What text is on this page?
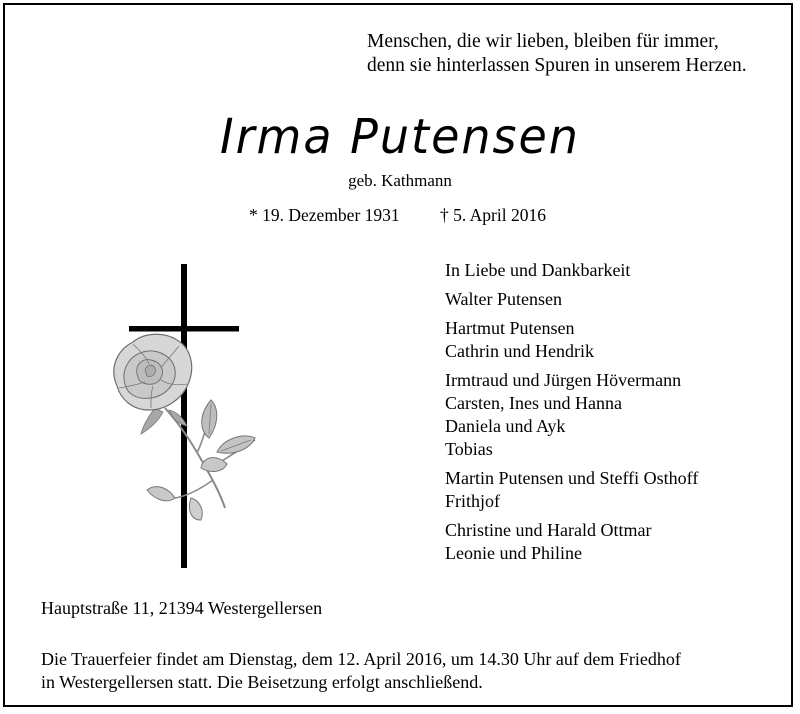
Menschen, die wir lieben, bleiben für immer,
denn sie hinterlassen Spuren in unserem Herzen.
Irma Putensen
geb. Kathmann
* 19. Dezember 1931 † 5. April 2016
In Liebe und Dankbarkeit
Walter Putensen
Hartmut Putensen
Cathrin und Hendrik
Irmtraud und Jürgen Hövermann
Carsten, Ines und Hanna
Daniela und Ayk
Tobias
Martin Putensen und Steffi Osthoff
Frithjof
Christine und Harald Ottmar
Leonie und Philine
Hauptstraße 11, 21394 Westergellersen
Die Trauerfeier findet am Dienstag, dem 12. April 2016, um 14.30 Uhr auf dem Friedhof
in Westergellersen statt. Die Beisetzung erfolgt anschließend.
